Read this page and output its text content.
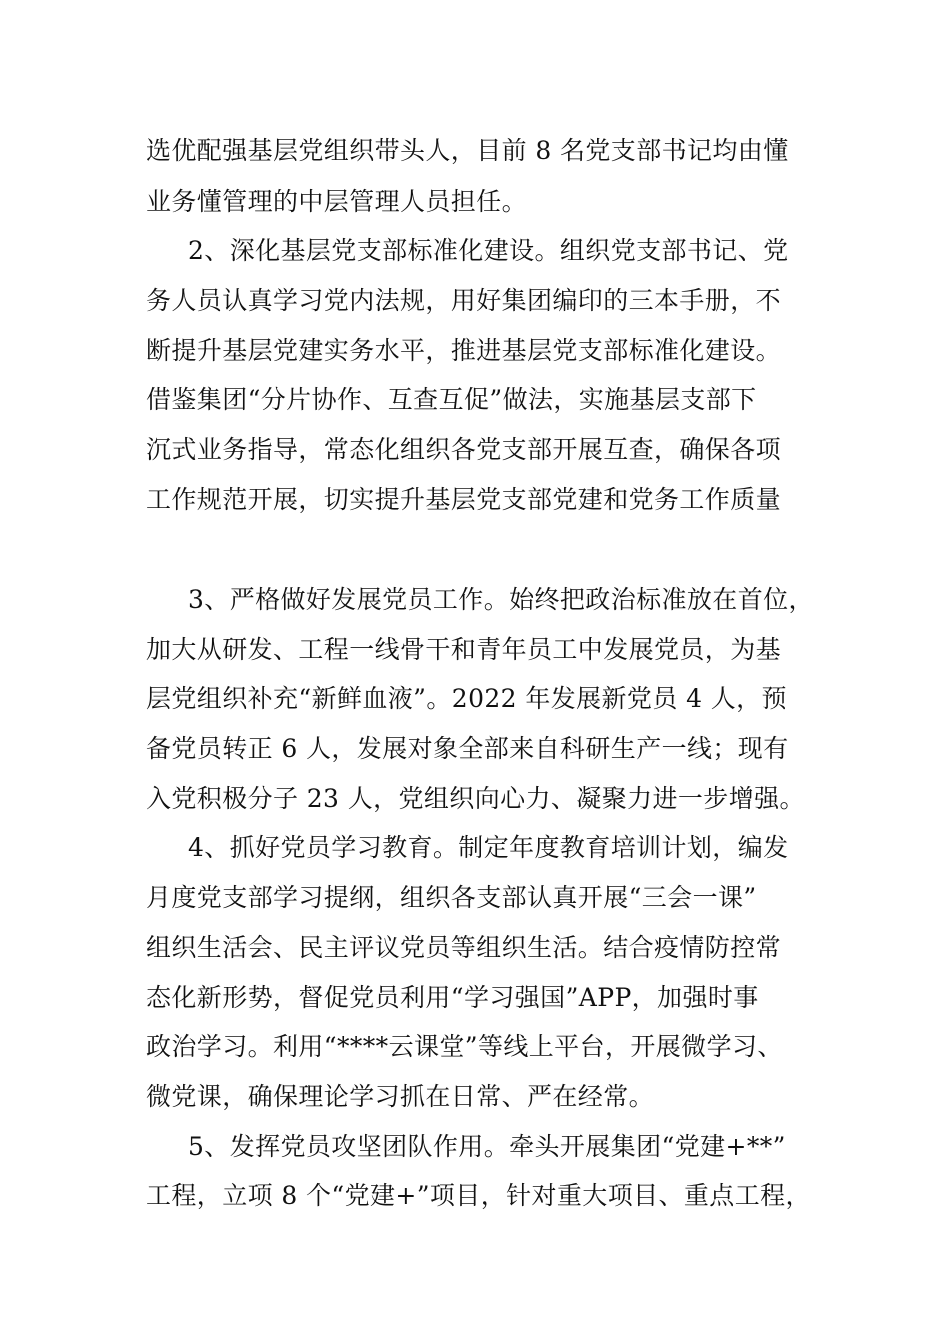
选优配强基层党组织带头人，目前 8 名党支部书记均由懂
业务懂管理的中层管理人员担任。
2、深化基层党支部标准化建设。组织党支部书记、党
务人员认真学习党内法规，用好集团编印的三本手册，不
断提升基层党建实务水平，推进基层党支部标准化建设。
借鉴集团“分片协作、互查互促”做法，实施基层支部下
沉式业务指导，常态化组织各党支部开展互查，确保各项
工作规范开展，切实提升基层党支部党建和党务工作质量
3、严格做好发展党员工作。始终把政治标准放在首位，
加大从研发、工程一线骨干和青年员工中发展党员，为基
层党组织补充“新鲜血液”。2022 年发展新党员 4 人，预
备党员转正 6 人，发展对象全部来自科研生产一线；现有
入党积极分子 23 人，党组织向心力、凝聚力进一步增强。
4、抓好党员学习教育。制定年度教育培训计划，编发
月度党支部学习提纲，组织各支部认真开展“三会一课”
组织生活会、民主评议党员等组织生活。结合疫情防控常
态化新形势，督促党员利用“学习强国”APP，加强时事
政治学习。利用“****云课堂”等线上平台，开展微学习、
微党课，确保理论学习抓在日常、严在经常。
5、发挥党员攻坚团队作用。牵头开展集团“党建+**”
工程，立项 8 个“党建+”项目，针对重大项目、重点工程，
